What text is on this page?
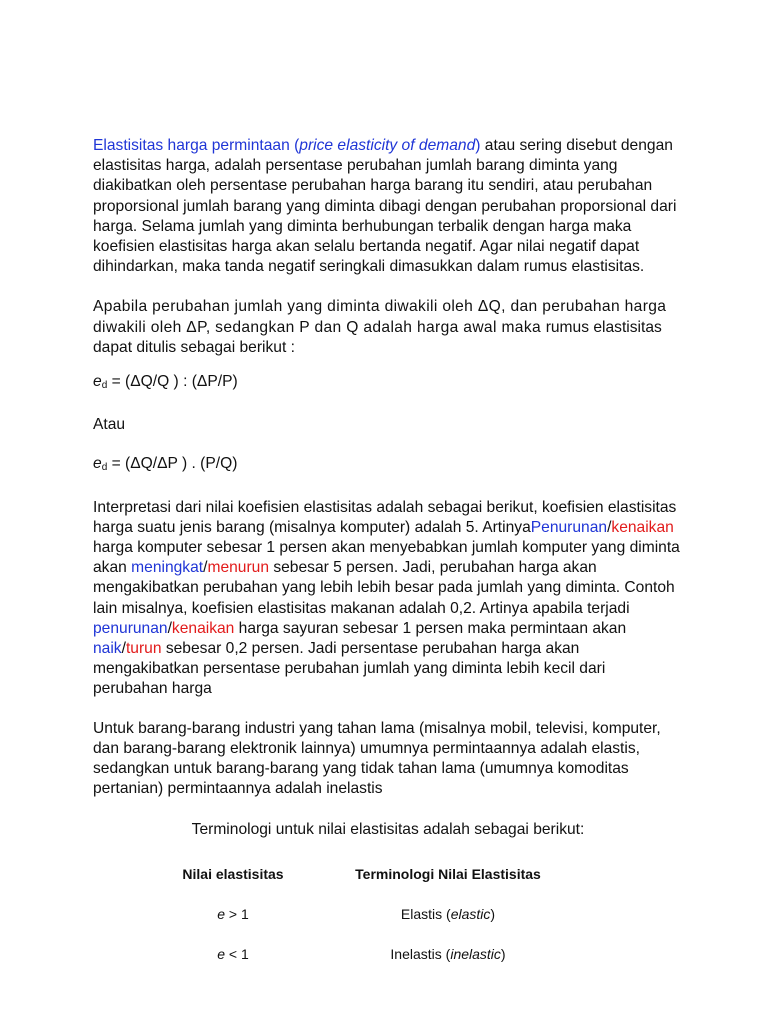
Elastisitas harga permintaan (price elasticity of demand) atau sering disebut dengan elastisitas harga, adalah persentase perubahan jumlah barang diminta yang diakibatkan oleh persentase perubahan harga barang itu sendiri, atau perubahan proporsional jumlah barang yang diminta dibagi dengan perubahan proporsional dari harga. Selama jumlah yang diminta berhubungan terbalik dengan harga maka koefisien elastisitas harga akan selalu bertanda negatif. Agar nilai negatif dapat dihindarkan, maka tanda negatif seringkali dimasukkan dalam rumus elastisitas.

Apabila perubahan jumlah yang diminta diwakili oleh ΔQ, dan perubahan harga diwakili oleh ΔP, sedangkan P dan Q adalah harga awal maka rumus elastisitas dapat ditulis sebagai berikut :

$e_d = (\Delta Q/Q$ ) : (ΔP/P)

Atau

$e_d = (\Delta Q/\Delta P$ ) . (P/Q)

Interpretasi dari nilai koefisien elastisitas adalah sebagai berikut, koefisien elastisitas harga suatu jenis barang (misalnya komputer) adalah 5. ArtinyaPenurunan/kenaikan harga komputer sebesar 1 persen akan menyebabkan jumlah komputer yang diminta akan meningkat/menurun sebesar 5 persen. Jadi, perubahan harga akan mengakibatkan perubahan yang lebih lebih besar pada jumlah yang diminta. Contoh lain misalnya, koefisien elastisitas makanan adalah 0,2. Artinya apabila terjadi penurunan/kenaikan harga sayuran sebesar 1 persen maka permintaan akan naik/turun sebesar 0,2 persen. Jadi persentase perubahan harga akan mengakibatkan persentase perubahan jumlah yang diminta lebih kecil dari perubahan harga

Untuk barang-barang industri yang tahan lama (misalnya mobil, televisi, komputer, dan barang-barang elektronik lainnya) umumnya permintaannya adalah elastis, sedangkan untuk barang-barang yang tidak tahan lama (umumnya komoditas pertanian) permintaannya adalah inelastis

Terminologi untuk nilai elastisitas adalah sebagai berikut:

Nilai elastisitas	Terminologi Nilai Elastisitas

e > 1	Elastis (elastic)

e < 1	Inelastis (inelastic)
